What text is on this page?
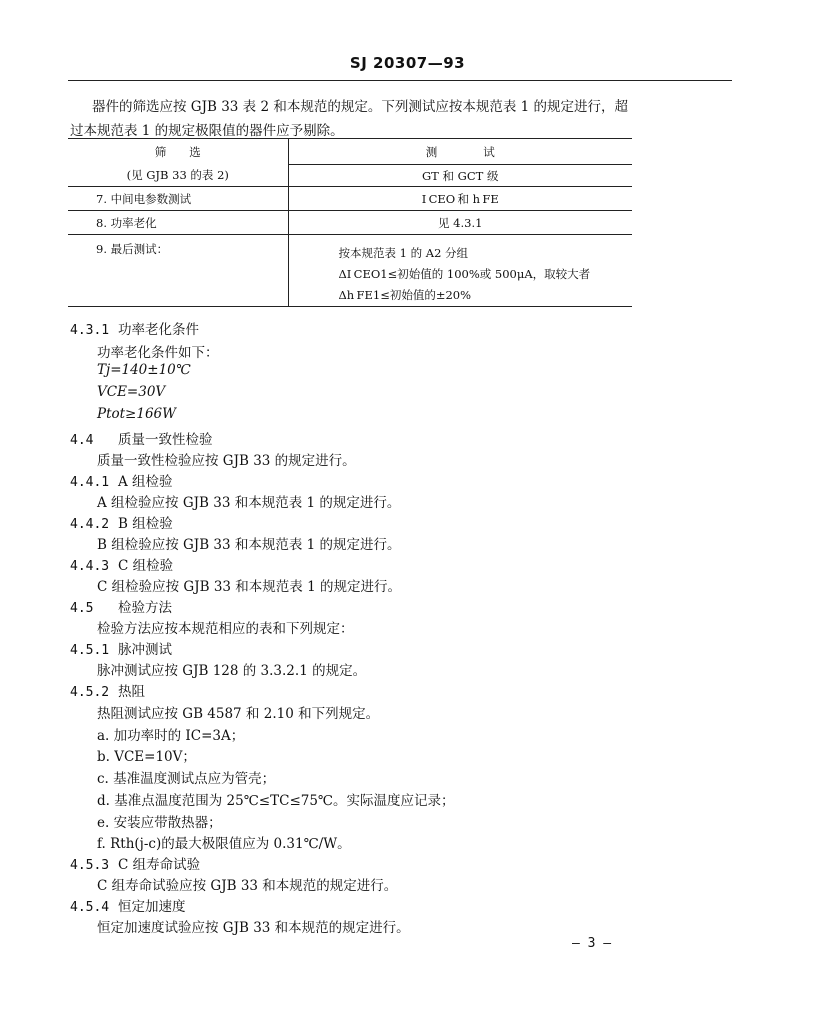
SJ 20307—93
器件的筛选应按 GJB 33 表 2 和本规范的规定。下列测试应按本规范表 1 的规定进行，超
过本规范表 1 的规定极限值的器件应予剔除。
筛　　选	测　　　　试
(见 GJB 33 的表 2)	GT 和 GCT 级
7. 中间电参数测试	I CEO 和 h FE
8. 功率老化	见 4.3.1
9. 最后测试：	按本规范表 1 的 A2 分组
ΔI CEO1≤初始值的 100%或 500μA，取较大者
Δh FE1≤初始值的±20%
4.3.1 功率老化条件
功率老化条件如下：
Tj=140±10℃
VCE=30V
Ptot≥166W
4.4 质量一致性检验
质量一致性检验应按 GJB 33 的规定进行。
4.4.1 A 组检验
A 组检验应按 GJB 33 和本规范表 1 的规定进行。
4.4.2 B 组检验
B 组检验应按 GJB 33 和本规范表 1 的规定进行。
4.4.3 C 组检验
C 组检验应按 GJB 33 和本规范表 1 的规定进行。
4.5 检验方法
检验方法应按本规范相应的表和下列规定：
4.5.1 脉冲测试
脉冲测试应按 GJB 128 的 3.3.2.1 的规定。
4.5.2 热阻
热阻测试应按 GB 4587 和 2.10 和下列规定。
a. 加功率时的 IC=3A；
b. VCE=10V；
c. 基准温度测试点应为管壳；
d. 基准点温度范围为 25℃≤TC≤75℃。实际温度应记录；
e. 安装应带散热器；
f. Rth(j-c)的最大极限值应为 0.31℃/W。
4.5.3 C 组寿命试验
C 组寿命试验应按 GJB 33 和本规范的规定进行。
4.5.4 恒定加速度
恒定加速度试验应按 GJB 33 和本规范的规定进行。
— 3 —
